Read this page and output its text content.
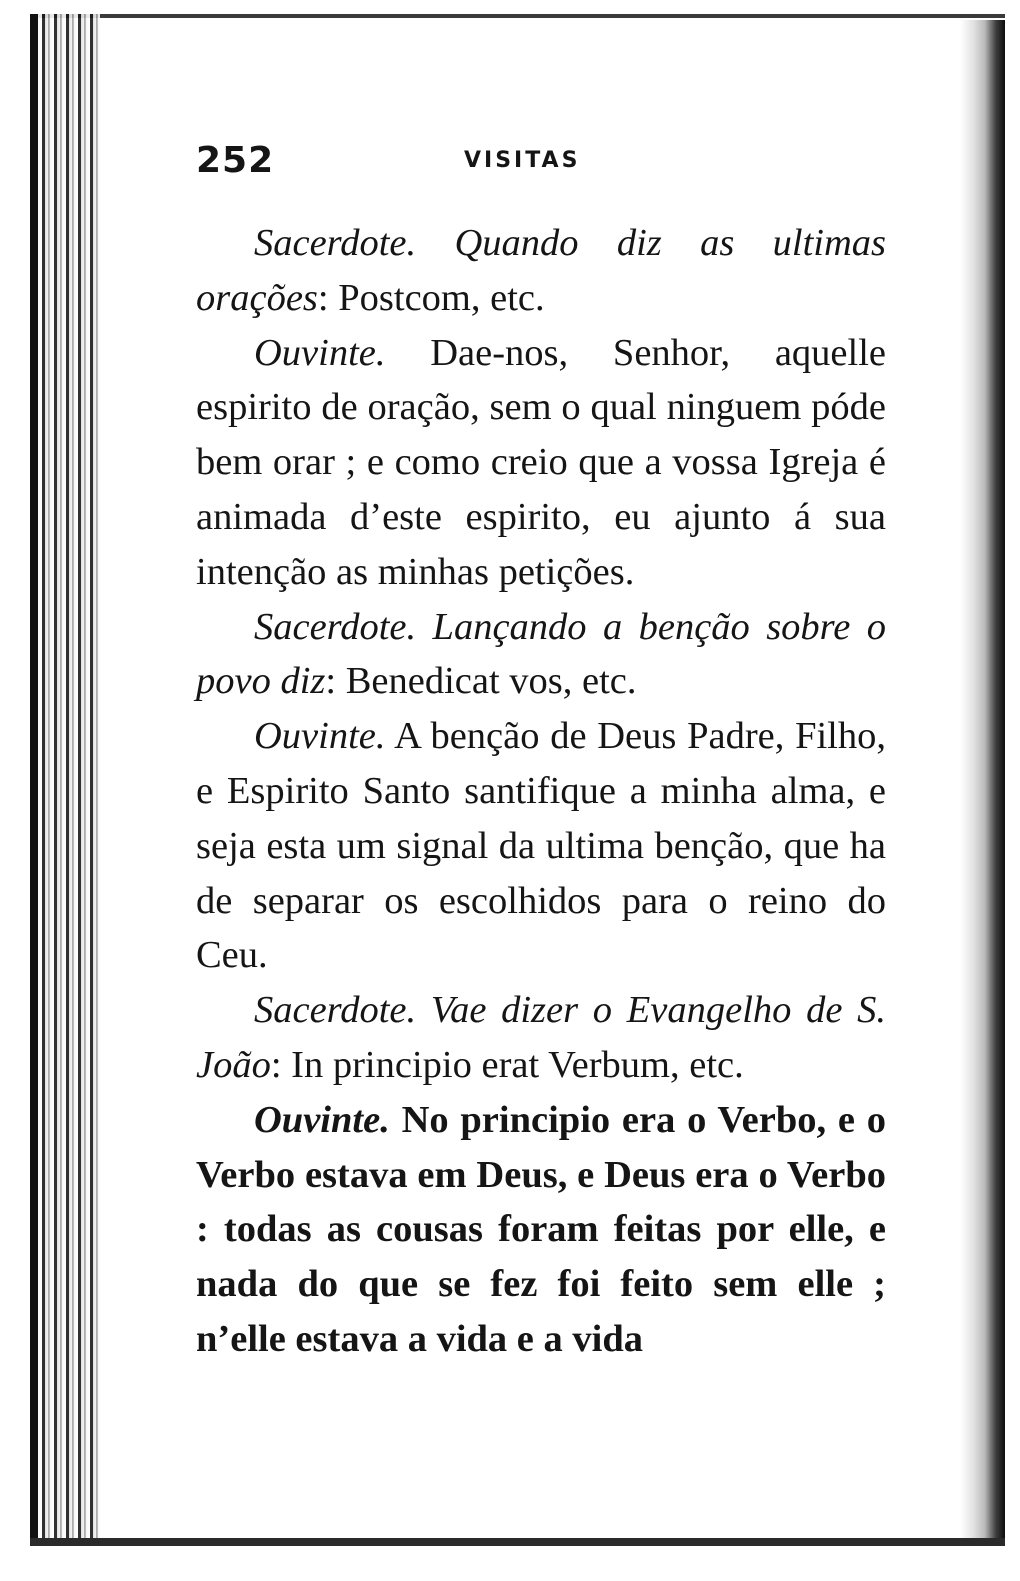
252	VISITAS

Sacerdote. Quando diz as ultimas orações: Postcom, etc.

Ouvinte. Dae-nos, Senhor, aquelle espirito de oração, sem o qual ninguem póde bem orar ; e como creio que a vossa Igreja é animada d’este espirito, eu ajunto á sua intenção as minhas petições.

Sacerdote. Lançando a benção sobre o povo diz: Benedicat vos, etc.

Ouvinte. A benção de Deus Padre, Filho, e Espirito Santo santifique a minha alma, e seja esta um signal da ultima benção, que ha de separar os escolhidos para o reino do Ceu.

Sacerdote. Vae dizer o Evangelho de S. João: In principio erat Verbum, etc.

Ouvinte. No principio era o Verbo, e o Verbo estava em Deus, e Deus era o Verbo : todas as cousas foram feitas por elle, e nada do que se fez foi feito sem elle ; n’elle estava a vida e a vida
